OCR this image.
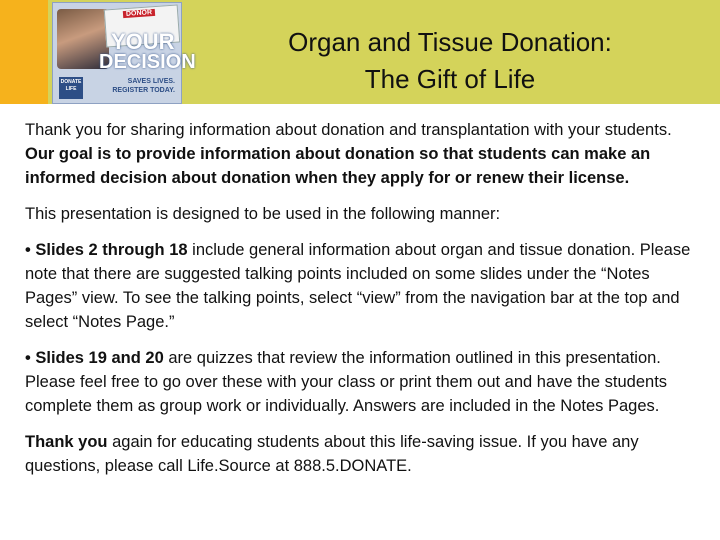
DONOR
YOUR
DECISION
SAVES LIVES.
REGISTER TODAY.
DONATE LIFE
Organ and Tissue Donation:
The Gift of Life

Thank you for sharing information about donation and transplantation with your students. Our goal is to provide information about donation so that students can make an informed decision about donation when they apply for or renew their license.

This presentation is designed to be used in the following manner:

• Slides 2 through 18 include general information about organ and tissue donation. Please note that there are suggested talking points included on some slides under the “Notes Pages” view. To see the talking points, select “view” from the navigation bar at the top and select “Notes Page.”

• Slides 19 and 20 are quizzes that review the information outlined in this presentation. Please feel free to go over these with your class or print them out and have the students complete them as group work or individually. Answers are included in the Notes Pages.

Thank you again for educating students about this life-saving issue. If you have any questions, please call Life.Source at 888.5.DONATE.
